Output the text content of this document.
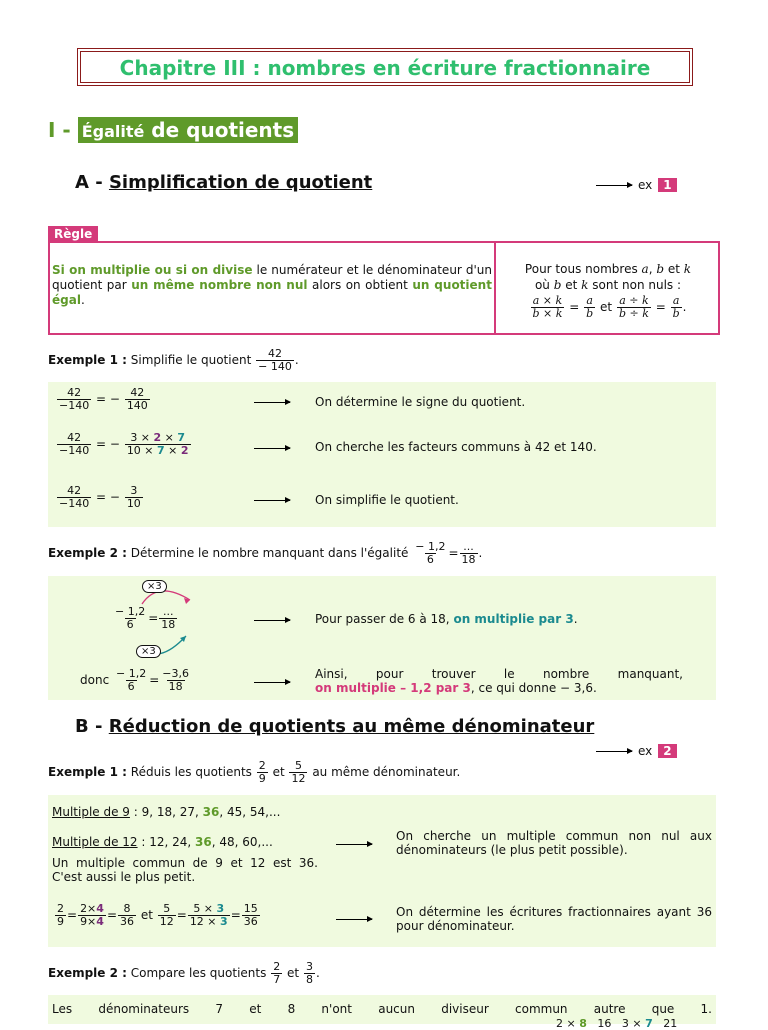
Chapitre III : nombres en écriture fractionnaire
I - Égalité de quotients
A - Simplification de quotient	ex 1
Règle
Si on multiplie ou si on divise le numérateur et le dénominateur d'un quotient par un même nombre non nul alors on obtient un quotient égal.
Pour tous nombres a, b et k
où b et k sont non nuls :
$\frac{a \times k}{b \times k} = \frac{a}{b}$ et $\frac{a \div k}{b \div k} = \frac{a}{b}$ .
Exemple 1 : Simplifie le quotient $\frac{42}{- 140}$ .
$\frac{42}{-140}$ = − $\frac{42}{140}$	On détermine le signe du quotient.
$\frac{42}{-140}$ = − $\frac{3 \times 2 \times 7}{10 \times 7 \times 2}$	On cherche les facteurs communs à 42 et 140.
$\frac{42}{-140}$ = − $\frac{3}{10}$	On simplifie le quotient.
Exemple 2 : Détermine le nombre manquant dans l'égalité $\frac{- 1,2}{6} = \frac{...}{18}$ .
×3
×3
$\frac{- 1,2}{6} = \frac{...}{18}$	Pour passer de 6 à 18, on multiplie par 3.
donc $\frac{- 1,2}{6} = \frac{-3,6}{18}$	Ainsi, pour trouver le nombre manquant,
on multiplie – 1,2 par 3, ce qui donne − 3,6.
B - Réduction de quotients au même dénominateur
ex 2
Exemple 1 : Réduis les quotients $\frac{2}{9}$ et $\frac{5}{12}$ au même dénominateur.
Multiple de 9 : 9, 18, 27, 36, 45, 54,...
Multiple de 12 : 12, 24, 36, 48, 60,...
Un multiple commun de 9 et 12 est 36.
C'est aussi le plus petit.
On cherche un multiple commun non nul aux
dénominateurs (le plus petit possible).
$\frac{2}{9} = \frac{2\times 4}{9\times 4} = \frac{8}{36}$ et $\frac{5}{12} = \frac{5 \times 3}{12 \times 3} = \frac{15}{36}$	On détermine les écritures fractionnaires ayant 36
pour dénominateur.
Exemple 2 : Compare les quotients $\frac{2}{7}$ et $\frac{3}{8}$ .
Les dénominateurs 7 et 8 n'ont aucun diviseur commun autre que 1.
2 × 8 16 3 × 7 21
